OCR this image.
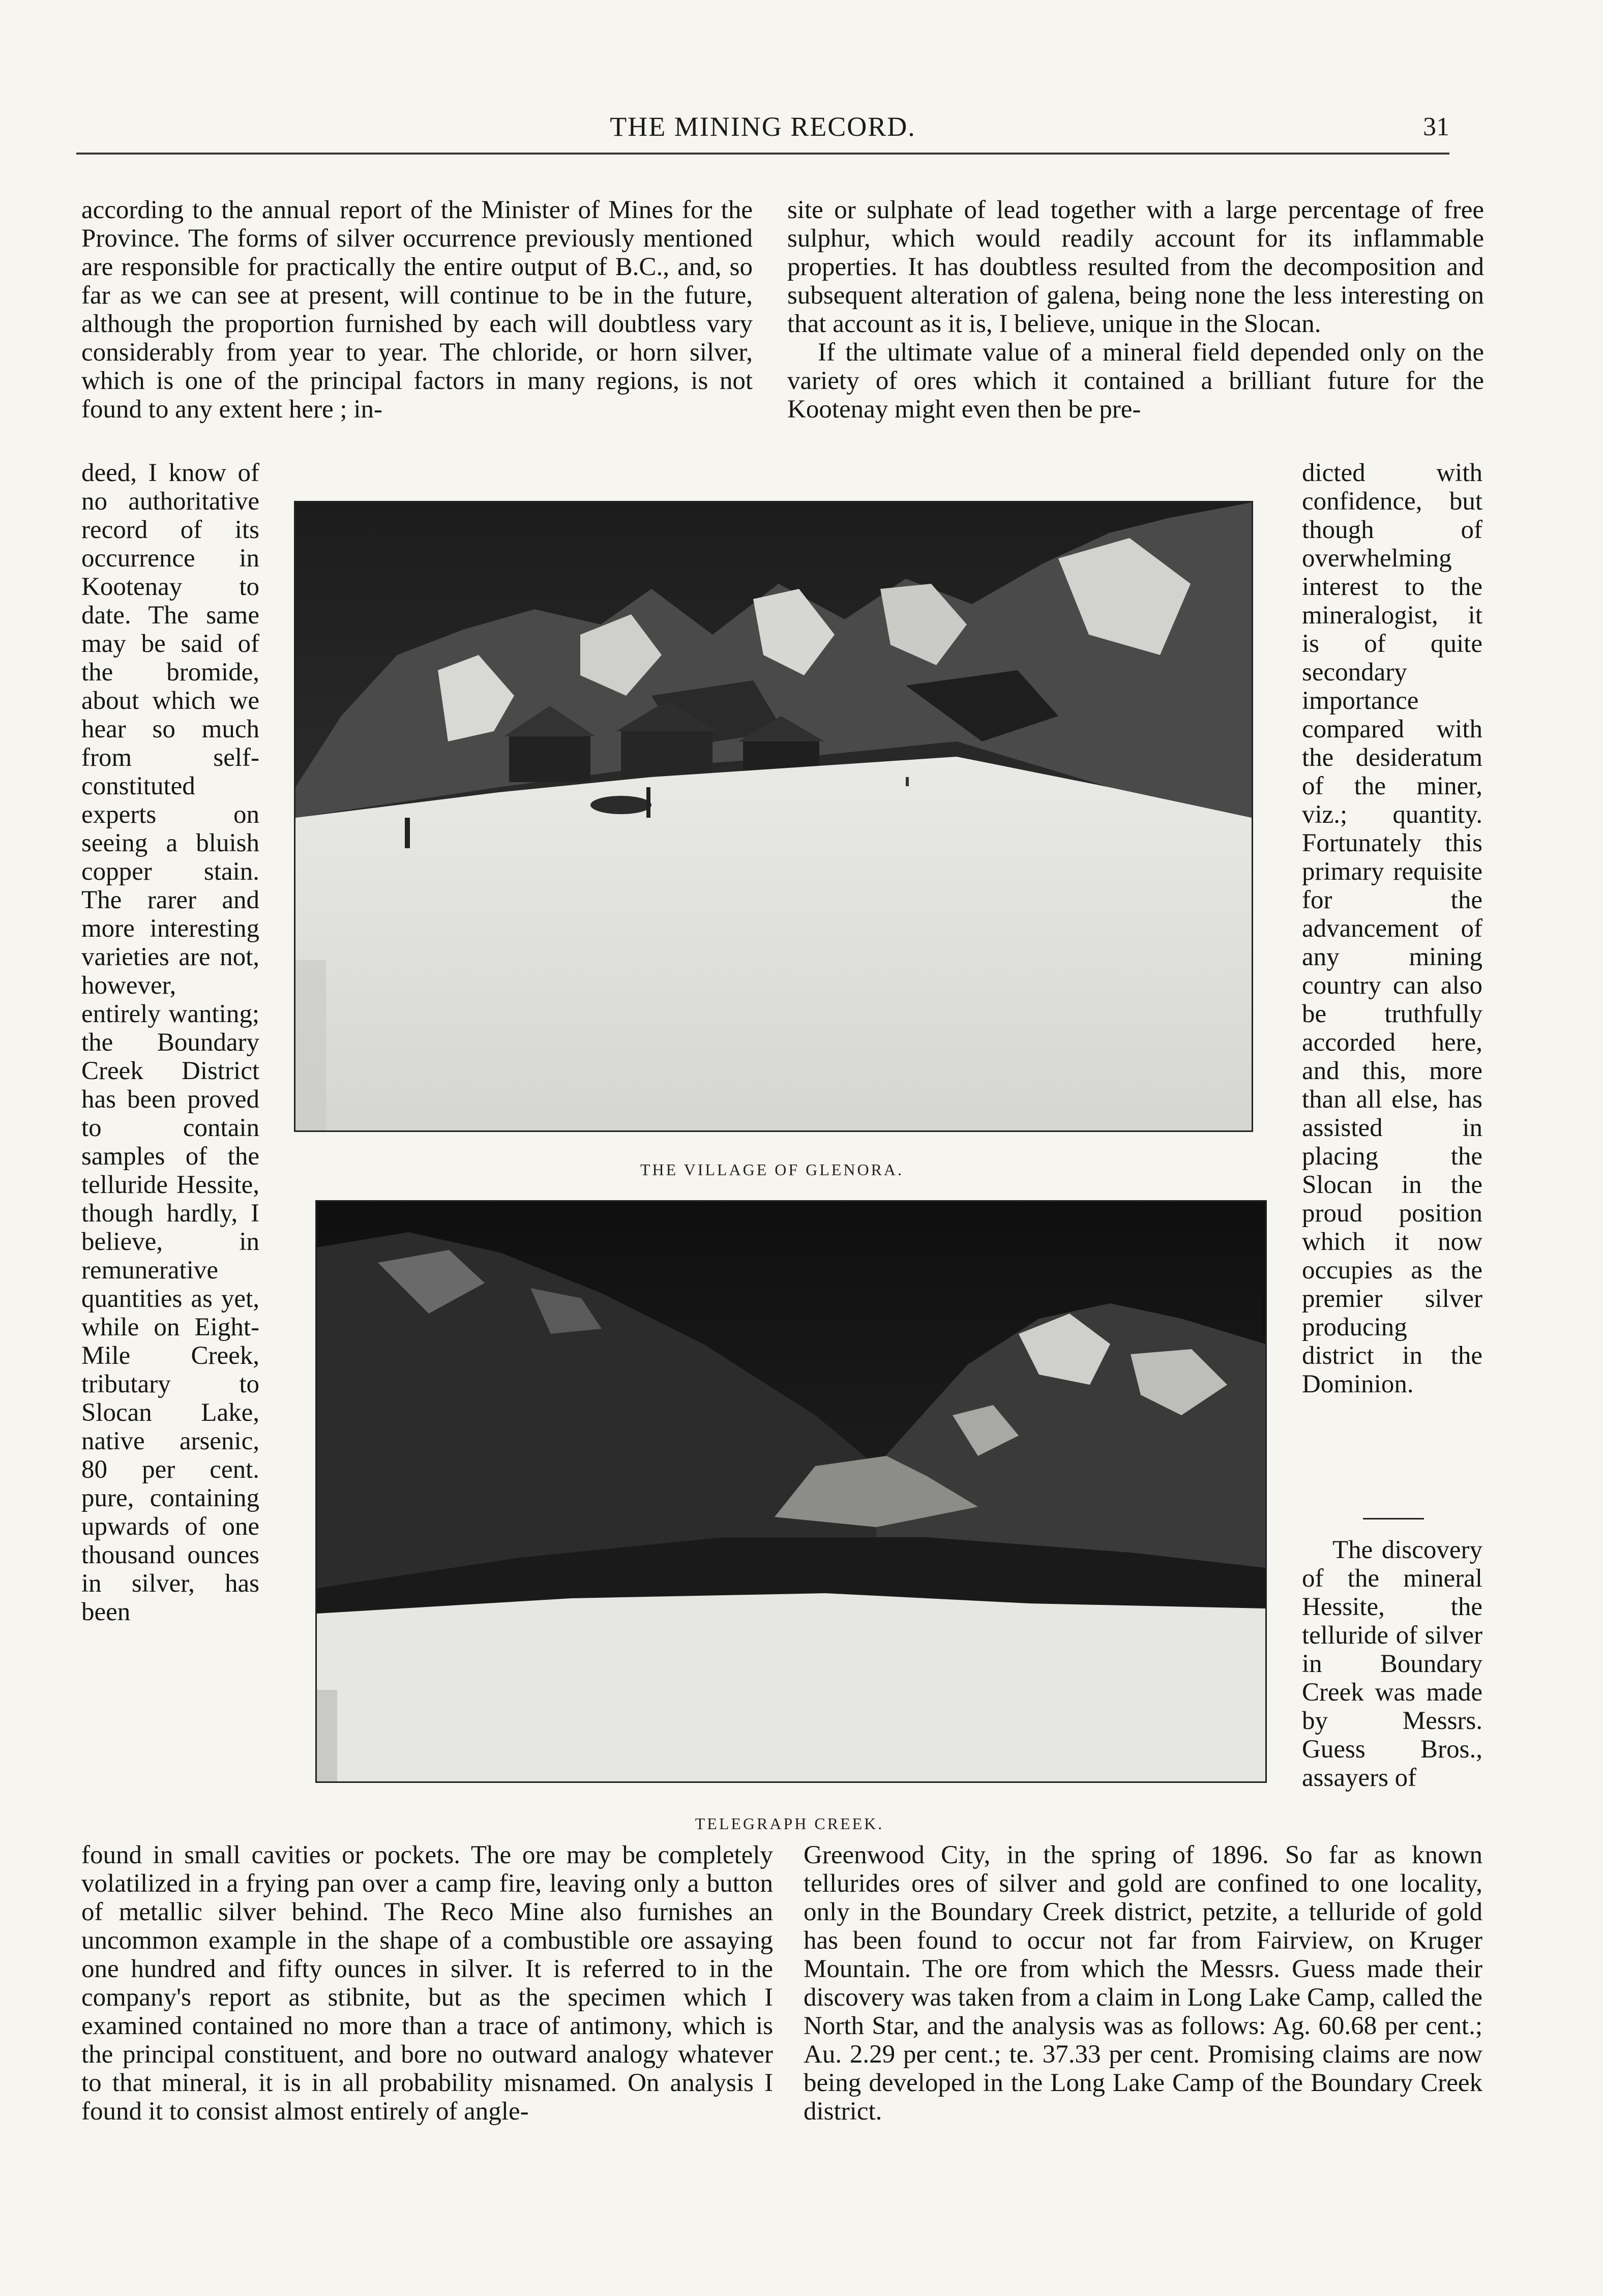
THE MINING RECORD.	31

according to the annual report of the Minister of Mines for the Province. The forms of silver occurrence previously mentioned are responsible for practically the entire output of B.C., and, so far as we can see at present, will continue to be in the future, although the proportion furnished by each will doubtless vary considerably from year to year. The chloride, or horn silver, which is one of the principal factors in many regions, is not found to any extent here ; in-

deed, I know of no authoritative record of its occurrence in Kootenay to date. The same may be said of the bromide, about which we hear so much from self-constituted experts on seeing a bluish copper stain. The rarer and more interesting varieties are not, however, entirely wanting; the Boundary Creek District has been proved to contain samples of the telluride Hessite, though hardly, I believe, in remunerative quantities as yet, while on Eight-Mile Creek, tributary to Slocan Lake, native arsenic, 80 per cent. pure, containing upwards of one thousand ounces in silver, has been

THE VILLAGE OF GLENORA.
TELEGRAPH CREEK.

found in small cavities or pockets. The ore may be completely volatilized in a frying pan over a camp fire, leaving only a button of metallic silver behind. The Reco Mine also furnishes an uncommon example in the shape of a combustible ore assaying one hundred and fifty ounces in silver. It is referred to in the company's report as stibnite, but as the specimen which I examined contained no more than a trace of antimony, which is the principal constituent, and bore no outward analogy whatever to that mineral, it is in all probability misnamed. On analysis I found it to consist almost entirely of angle-

site or sulphate of lead together with a large percentage of free sulphur, which would readily account for its inflammable properties. It has doubtless resulted from the decomposition and subsequent alteration of galena, being none the less interesting on that account as it is, I believe, unique in the Slocan.

If the ultimate value of a mineral field depended only on the variety of ores which it contained a brilliant future for the Kootenay might even then be pre-

dicted with confidence, but though of overwhelming interest to the mineralogist, it is of quite secondary importance compared with the desideratum of the miner, viz.; quantity. Fortunately this primary requisite for the advancement of any mining country can also be truthfully accorded here, and this, more than all else, has assisted in placing the Slocan in the proud position which it now occupies as the premier silver producing district in the Dominion.

The discovery of the mineral Hessite, the telluride of silver in Boundary Creek was made by Messrs. Guess Bros., assayers of

Greenwood City, in the spring of 1896. So far as known tellurides ores of silver and gold are confined to one locality, only in the Boundary Creek district, petzite, a telluride of gold has been found to occur not far from Fairview, on Kruger Mountain. The ore from which the Messrs. Guess made their discovery was taken from a claim in Long Lake Camp, called the North Star, and the analysis was as follows: Ag. 60.68 per cent.; Au. 2.29 per cent.; te. 37.33 per cent. Promising claims are now being developed in the Long Lake Camp of the Boundary Creek district.
